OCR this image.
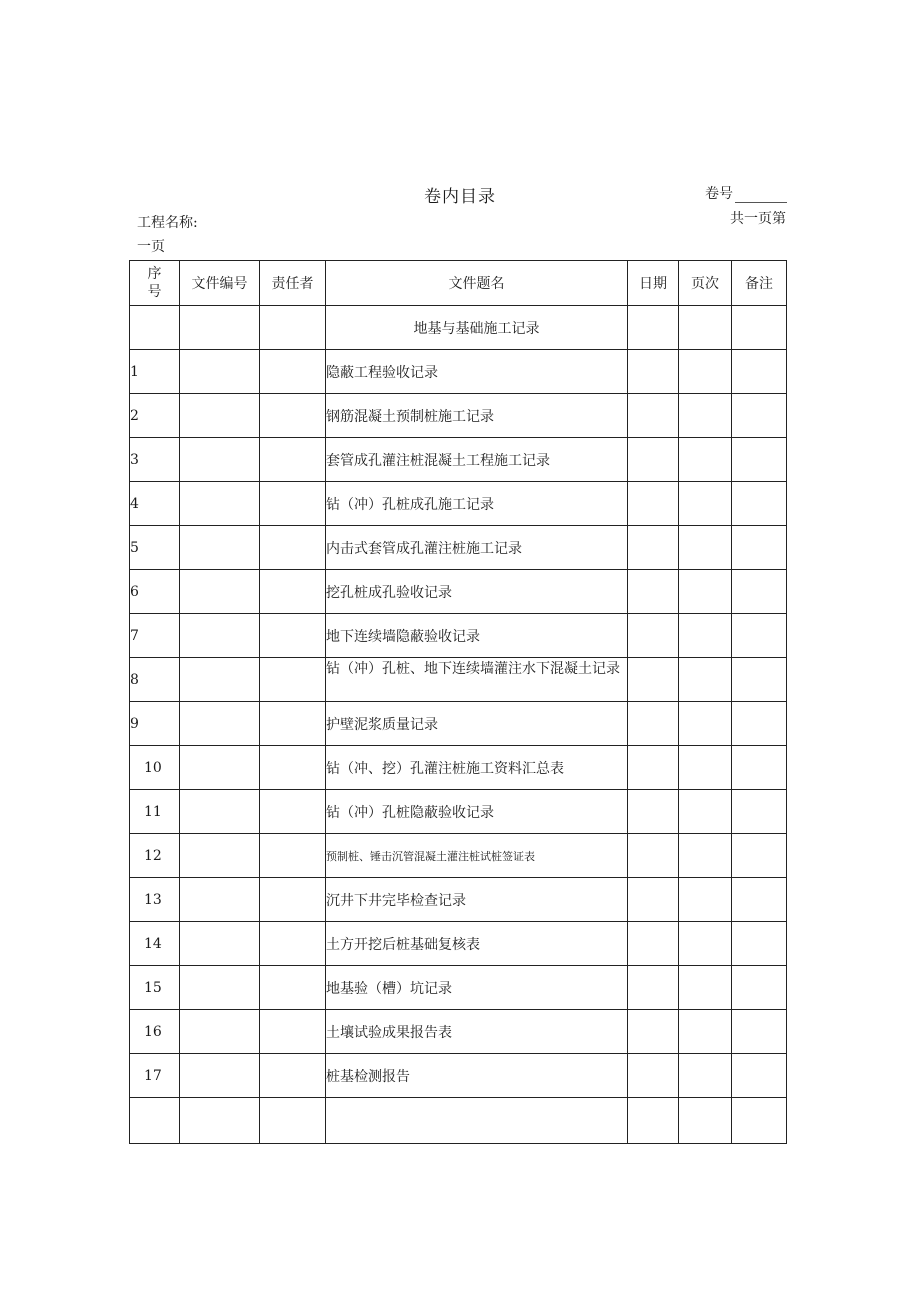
卷内目录	卷号
工程名称:	共一页第
一页
序
号	文件编号	责任者	文件题名	日期	页次	备注
			地基与基础施工记录			
1			隐蔽工程验收记录			
2			钢筋混凝土预制桩施工记录			
3			套管成孔灌注桩混凝土工程施工记录			
4			钻（冲）孔桩成孔施工记录			
5			内击式套管成孔灌注桩施工记录			
6			挖孔桩成孔验收记录			
7			地下连续墙隐蔽验收记录			
8			钻（冲）孔桩、地下连续墙灌注水下混凝土记录			

9			护壁泥浆质量记录			
10			钻（冲、挖）孔灌注桩施工资料汇总表			
11			钻（冲）孔桩隐蔽验收记录			
12			预制桩、锤击沉管混凝土灌注桩试桩签证表			
13			沉井下井完毕检查记录			
14			土方开挖后桩基础复核表			
15			地基验（槽）坑记录			
16			土壤试验成果报告表			
17			桩基检测报告			
